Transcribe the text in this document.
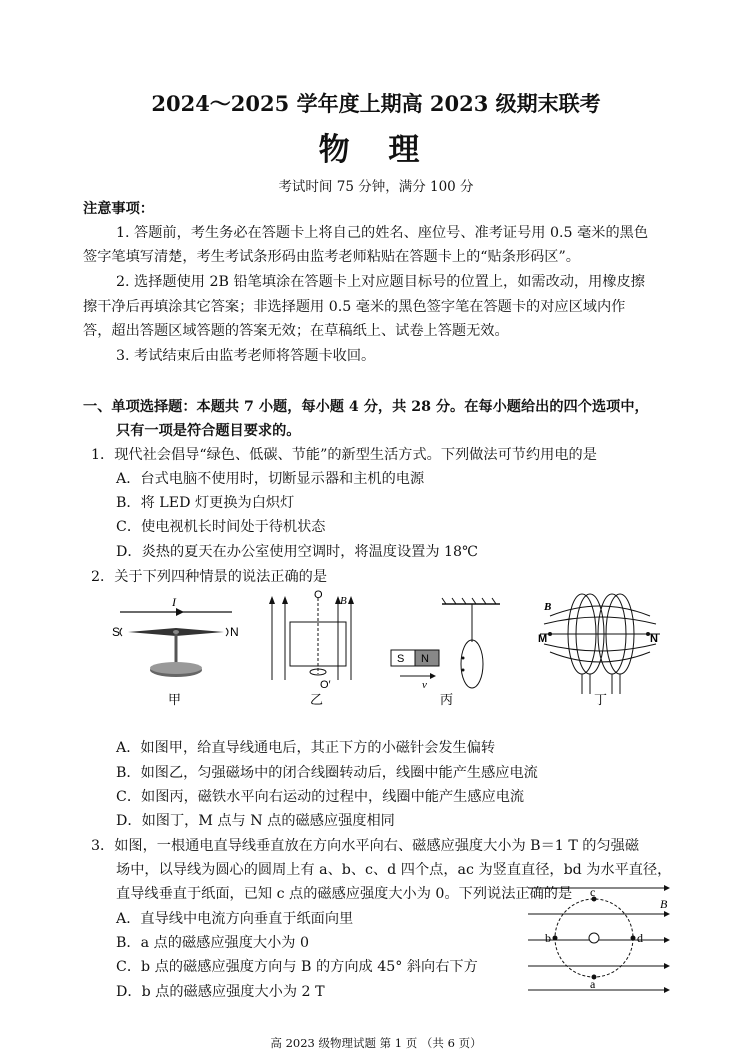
2024～2025 学年度上期高 2023 级期末联考
物 理
考试时间 75 分钟，满分 100 分
注意事项：
1. 答题前，考生务必在答题卡上将自己的姓名、座位号、准考证号用 0.5 毫米的黑色
签字笔填写清楚，考生考试条形码由监考老师粘贴在答题卡上的“贴条形码区”。
2. 选择题使用 2B 铅笔填涂在答题卡上对应题目标号的位置上，如需改动，用橡皮擦
擦干净后再填涂其它答案；非选择题用 0.5 毫米的黑色签字笔在答题卡的对应区域内作
答，超出答题区域答题的答案无效；在草稿纸上、试卷上答题无效。
3. 考试结束后由监考老师将答题卡收回。
一、单项选择题：本题共 7 小题，每小题 4 分，共 28 分。在每小题给出的四个选项中，
只有一项是符合题目要求的。
1．现代社会倡导“绿色、低碳、节能”的新型生活方式。下列做法可节约用电的是
A．台式电脑不使用时，切断显示器和主机的电源
B．将 LED 灯更换为白炽灯
C．使电视机长时间处于待机状态
D．炎热的夏天在办公室使用空调时，将温度设置为 18℃
2．关于下列四种情景的说法正确的是
I
S	N
O
O′
B
S N
v
B
M	N
甲	乙	丙	丁
A．如图甲，给直导线通电后，其正下方的小磁针会发生偏转
B．如图乙，匀强磁场中的闭合线圈转动后，线圈中能产生感应电流
C．如图丙，磁铁水平向右运动的过程中，线圈中能产生感应电流
D．如图丁，M 点与 N 点的磁感应强度相同
3．如图，一根通电直导线垂直放在方向水平向右、磁感应强度大小为 B＝1 T 的匀强磁
场中，以导线为圆心的圆周上有 a、b、c、d 四个点，ac 为竖直直径，bd 为水平直径，
直导线垂直于纸面，已知 c 点的磁感应强度大小为 0。下列说法正确的是
A．直导线中电流方向垂直于纸面向里
B．a 点的磁感应强度大小为 0
C．b 点的磁感应强度方向与 B 的方向成 45° 斜向右下方
D．b 点的磁感应强度大小为 2 T
c
a
b	d
B
高 2023 级物理试题 第 1 页 （共 6 页）
